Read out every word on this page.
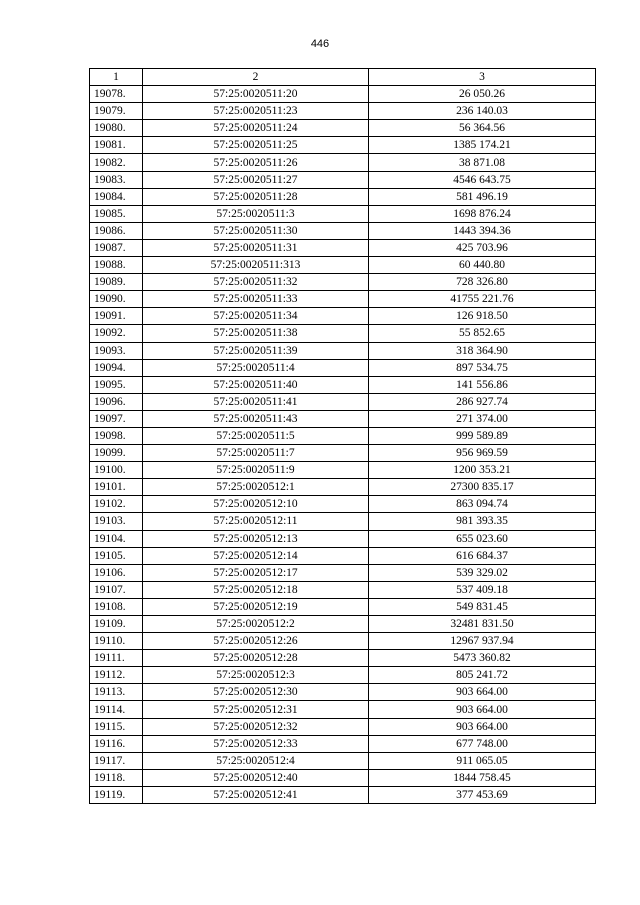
446
1	2	3
19078.	57:25:0020511:20	26 050.26
19079.	57:25:0020511:23	236 140.03
19080.	57:25:0020511:24	56 364.56
19081.	57:25:0020511:25	1385 174.21
19082.	57:25:0020511:26	38 871.08
19083.	57:25:0020511:27	4546 643.75
19084.	57:25:0020511:28	581 496.19
19085.	57:25:0020511:3	1698 876.24
19086.	57:25:0020511:30	1443 394.36
19087.	57:25:0020511:31	425 703.96
19088.	57:25:0020511:313	60 440.80
19089.	57:25:0020511:32	728 326.80
19090.	57:25:0020511:33	41755 221.76
19091.	57:25:0020511:34	126 918.50
19092.	57:25:0020511:38	55 852.65
19093.	57:25:0020511:39	318 364.90
19094.	57:25:0020511:4	897 534.75
19095.	57:25:0020511:40	141 556.86
19096.	57:25:0020511:41	286 927.74
19097.	57:25:0020511:43	271 374.00
19098.	57:25:0020511:5	999 589.89
19099.	57:25:0020511:7	956 969.59
19100.	57:25:0020511:9	1200 353.21
19101.	57:25:0020512:1	27300 835.17
19102.	57:25:0020512:10	863 094.74
19103.	57:25:0020512:11	981 393.35
19104.	57:25:0020512:13	655 023.60
19105.	57:25:0020512:14	616 684.37
19106.	57:25:0020512:17	539 329.02
19107.	57:25:0020512:18	537 409.18
19108.	57:25:0020512:19	549 831.45
19109.	57:25:0020512:2	32481 831.50
19110.	57:25:0020512:26	12967 937.94
19111.	57:25:0020512:28	5473 360.82
19112.	57:25:0020512:3	805 241.72
19113.	57:25:0020512:30	903 664.00
19114.	57:25:0020512:31	903 664.00
19115.	57:25:0020512:32	903 664.00
19116.	57:25:0020512:33	677 748.00
19117.	57:25:0020512:4	911 065.05
19118.	57:25:0020512:40	1844 758.45
19119.	57:25:0020512:41	377 453.69
